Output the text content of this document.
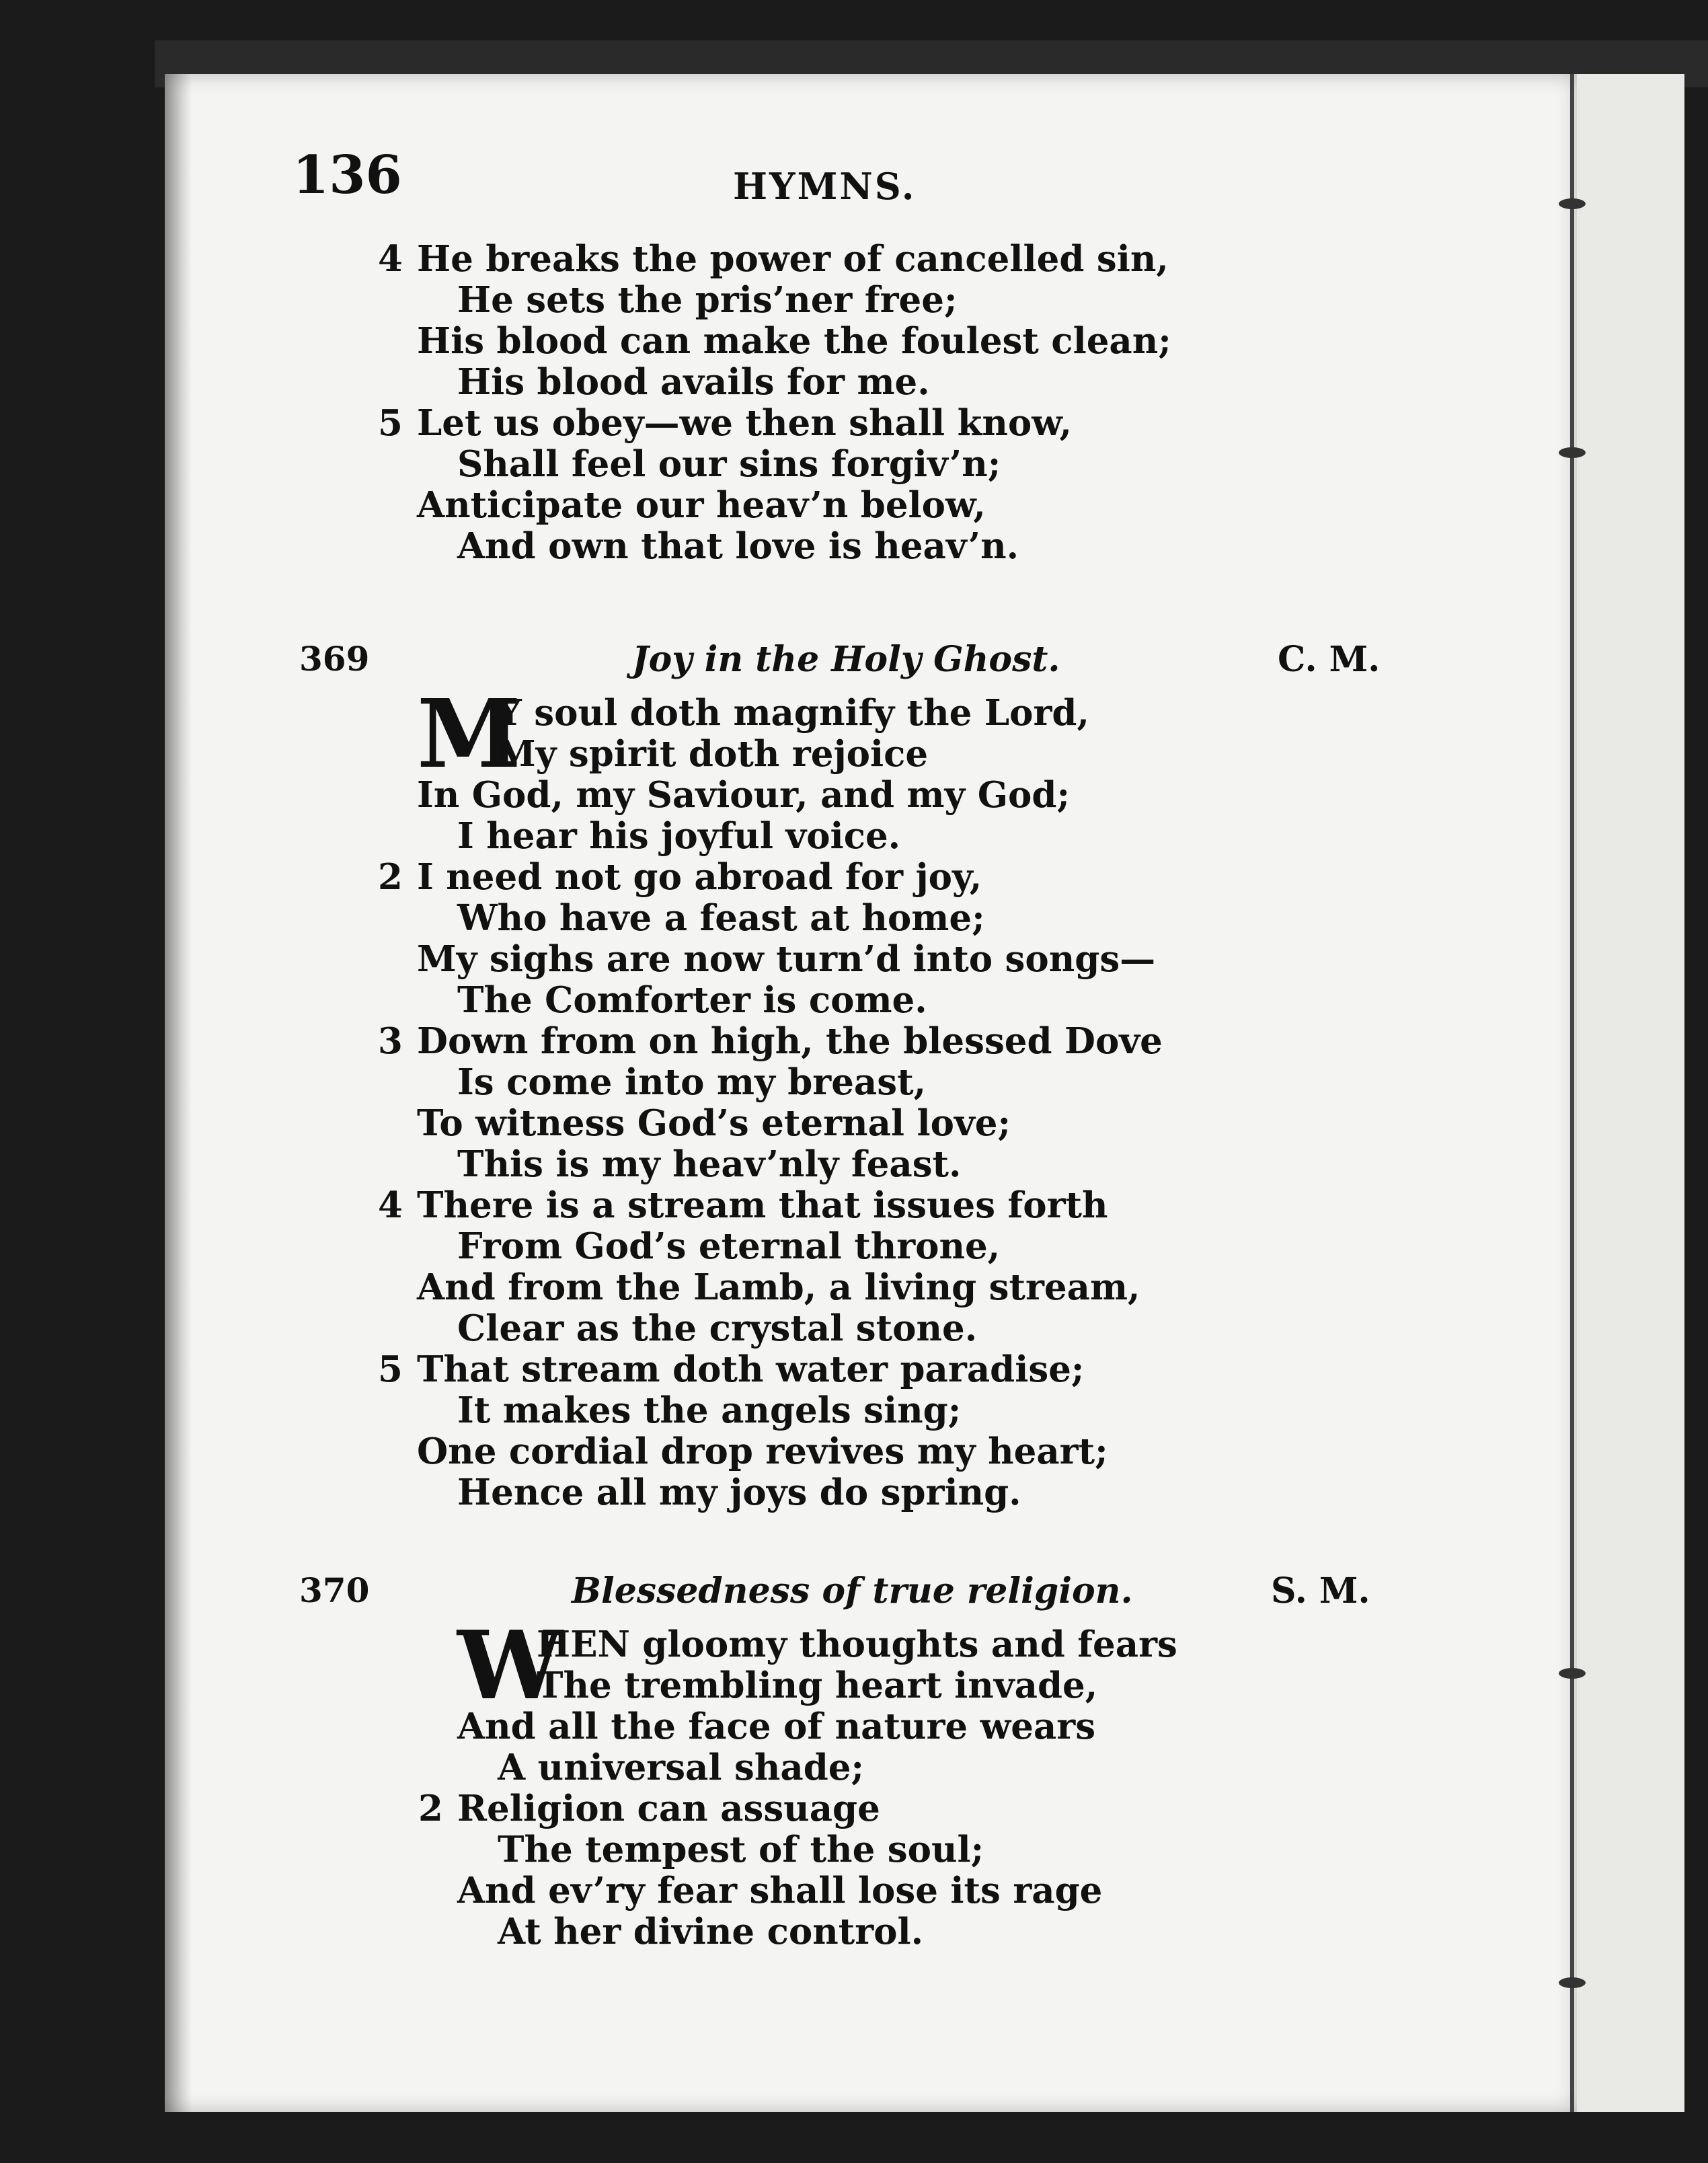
136	HYMNS.
He breaks the power of cancelled sin,
4
He sets the pris’ner free;
His blood can make the foulest clean;
His blood avails for me.
Let us obey—we then shall know,
5
Shall feel our sins forgiv’n;
Anticipate our heav’n below,
And own that love is heav’n.
369	Joy in the Holy Ghost.	C. M.
M
Y soul doth magnify the Lord,
My spirit doth rejoice
In God, my Saviour, and my God;
I hear his joyful voice.
I need not go abroad for joy,
2
Who have a feast at home;
My sighs are now turn’d into songs—
The Comforter is come.
Down from on high, the blessed Dove
3
Is come into my breast,
To witness God’s eternal love;
This is my heav’nly feast.
There is a stream that issues forth
4
From God’s eternal throne,
And from the Lamb, a living stream,
Clear as the crystal stone.
That stream doth water paradise;
5
It makes the angels sing;
One cordial drop revives my heart;
Hence all my joys do spring.
370	Blessedness of true religion.	S. M.
W
HEN gloomy thoughts and fears
The trembling heart invade,
And all the face of nature wears
A universal shade;
Religion can assuage
2
The tempest of the soul;
And ev’ry fear shall lose its rage
At her divine control.
